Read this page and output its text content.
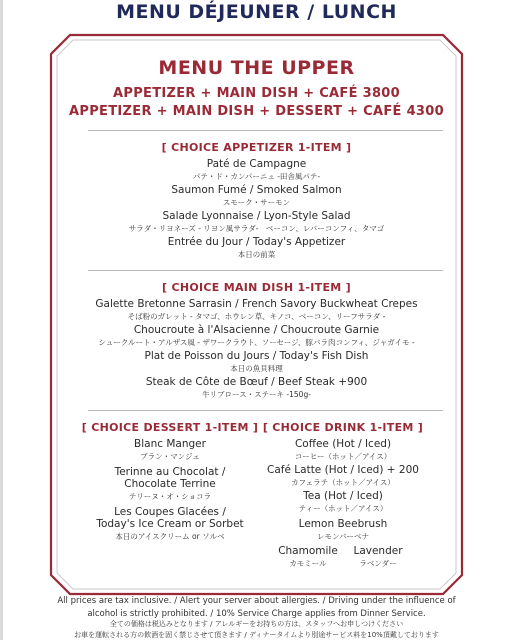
MENU DÉJEUNER / LUNCH
MENU THE UPPER
APPETIZER + MAIN DISH + CAFÉ 3800
APPETIZER + MAIN DISH + DESSERT + CAFÉ 4300
[ CHOICE APPETIZER 1-ITEM ]
Paté de Campagne
パテ・ド・カンパーニュ -田舎風パテ-
Saumon Fumé / Smoked Salmon
スモーク・サーモン
Salade Lyonnaise / Lyon-Style Salad
サラダ・リヨネーズ - リヨン風サラダ-　ベーコン、レバーコンフィ、タマゴ
Entrée du Jour / Today's Appetizer
本日の前菜
[ CHOICE MAIN DISH 1-ITEM ]
Galette Bretonne Sarrasin / French Savory Buckwheat Crepes
そば粉のガレット - タマゴ、ホウレン草、キノコ、ベーコン、リーフサラダ -
Choucroute à l'Alsacienne / Choucroute Garnie
シュークルート・アルザス風 - ザワークラウト、ソーセージ、豚バラ肉コンフィ、ジャガイモ -
Plat de Poisson du Jours / Today's Fish Dish
本日の魚貝料理
Steak de Côte de Bœuf / Beef Steak +900
牛リブロース・ステーキ -150g-
[ CHOICE DESSERT 1-ITEM ]
Blanc Manger
ブラン・マンジェ
Terinne au Chocolat /
Chocolate Terrine
テリーヌ・オ・ショコラ
Les Coupes Glacées /
Today's Ice Cream or Sorbet
本日のアイスクリーム or ソルベ
[ CHOICE DRINK 1-ITEM ]
Coffee (Hot / Iced)
コーヒー（ホット／アイス）
Café Latte (Hot / Iced) + 200
カフェラテ（ホット／アイス）
Tea (Hot / Iced)
ティー（ホット／アイス）
Lemon Beebrush
レモンバーベナ
Chamomile
カモミール
Lavender
ラベンダー
All prices are tax inclusive. / Alert your server about allergies. / Driving under the influence of
alcohol is strictly prohibited. / 10% Service Charge applies from Dinner Service.
全ての価格は税込みとなります / アレルギーをお持ちの方は、スタッフへお申しつけください
お車を運転される方の飲酒を固く禁じさせて頂きます / ディナータイムより別途サービス料を10%頂戴しております
